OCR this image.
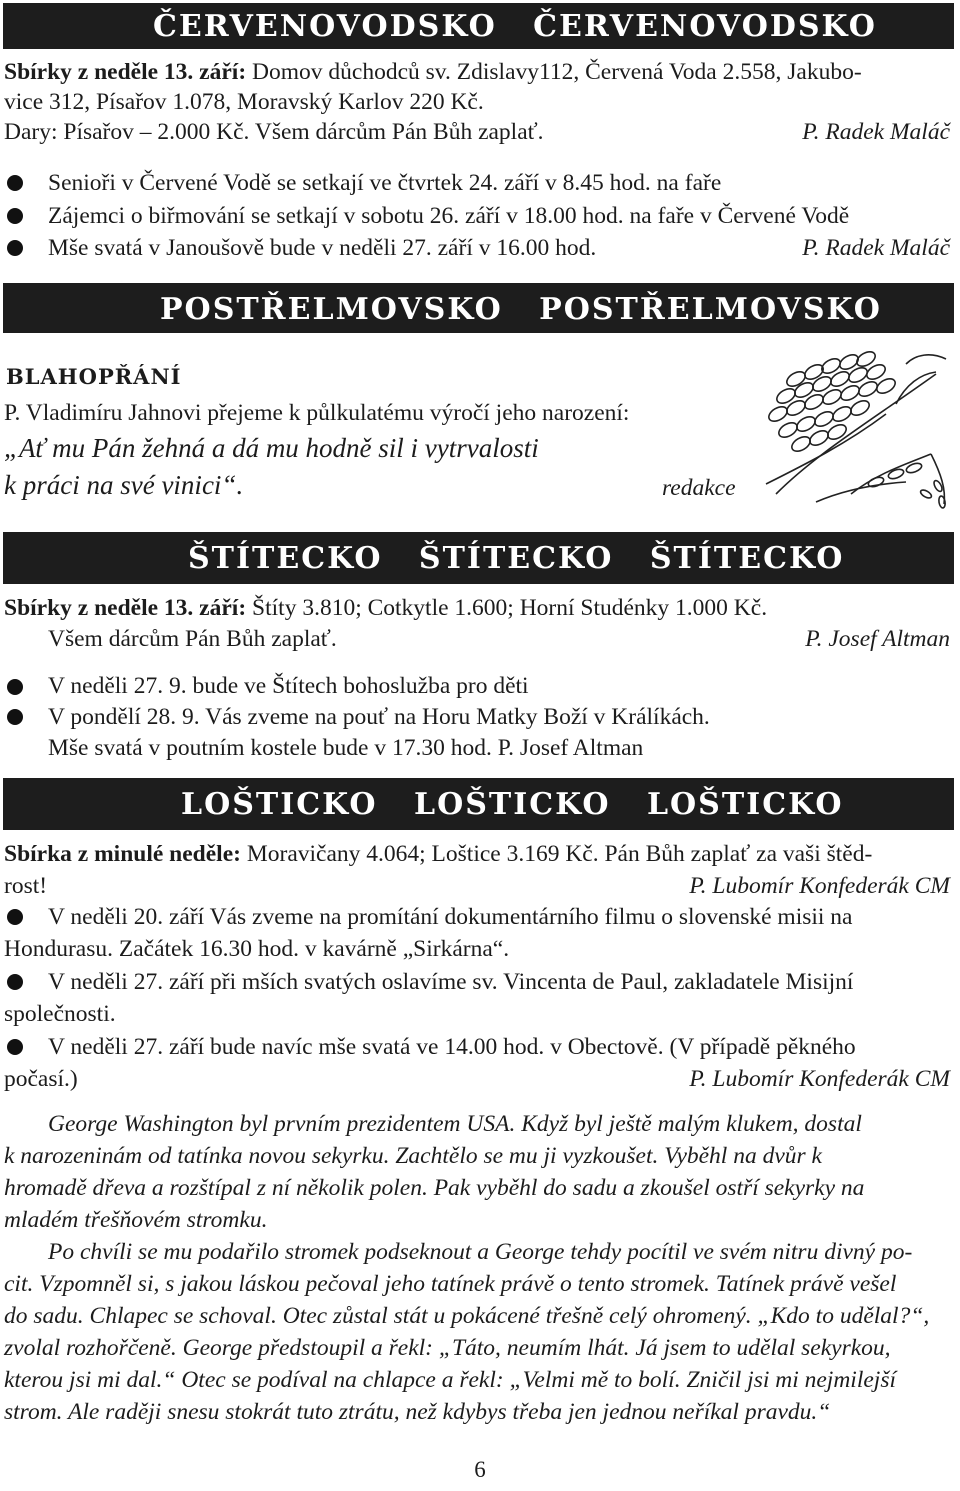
ČERVENOVODSKO ČERVENOVODSKO
Sbírky z neděle 13. září: Domov důchodců sv. Zdislavy112, Červená Voda 2.558, Jakubo-
vice 312, Písařov 1.078, Moravský Karlov 220 Kč.
Dary: Písařov – 2.000 Kč. Všem dárcům Pán Bůh zaplať.	P. Radek Maláč
Senioři v Červené Vodě se setkají ve čtvrtek 24. září v 8.45 hod. na faře
Zájemci o biřmování se setkají v sobotu 26. září v 18.00 hod. na faře v Červené Vodě
Mše svatá v Janoušově bude v neděli 27. září v 16.00 hod.	P. Radek Maláč
POSTŘELMOVSKO POSTŘELMOVSKO
BLAHOPŘÁNÍ
P. Vladimíru Jahnovi přejeme k půlkulatému výročí jeho narození:
„Ať mu Pán žehná a dá mu hodně sil i vytrvalosti
k práci na své vinici“.	redakce
ŠTÍTECKO ŠTÍTECKO ŠTÍTECKO
Sbírky z neděle 13. září: Štíty 3.810; Cotkytle 1.600; Horní Studénky 1.000 Kč.
Všem dárcům Pán Bůh zaplať.	P. Josef Altman
V neděli 27. 9. bude ve Štítech bohoslužba pro děti
V pondělí 28. 9. Vás zveme na pouť na Horu Matky Boží v Králíkách.
Mše svatá v poutním kostele bude v 17.30 hod. P. Josef Altman
LOŠTICKO LOŠTICKO LOŠTICKO
Sbírka z minulé neděle: Moravičany 4.064; Loštice 3.169 Kč. Pán Bůh zaplať za vaši štěd-
rost!	P. Lubomír Konfederák CM
V neděli 20. září Vás zveme na promítání dokumentárního filmu o slovenské misii na
Hondurasu. Začátek 16.30 hod. v kavárně „Sirkárna“.
V neděli 27. září při mších svatých oslavíme sv. Vincenta de Paul, zakladatele Misijní
společnosti.
V neděli 27. září bude navíc mše svatá ve 14.00 hod. v Obectově. (V případě pěkného
počasí.)	P. Lubomír Konfederák CM
George Washington byl prvním prezidentem USA. Když byl ještě malým klukem, dostal
k narozeninám od tatínka novou sekyrku. Zachtělo se mu ji vyzkoušet. Vyběhl na dvůr k
hromadě dřeva a rozštípal z ní několik polen. Pak vyběhl do sadu a zkoušel ostří sekyrky na
mladém třešňovém stromku.
Po chvíli se mu podařilo stromek podseknout a George tehdy pocítil ve svém nitru divný po-
cit. Vzpomněl si, s jakou láskou pečoval jeho tatínek právě o tento stromek. Tatínek právě vešel
do sadu. Chlapec se schoval. Otec zůstal stát u pokácené třešně celý ohromený. „Kdo to udělal?“,
zvolal rozhořčeně. George předstoupil a řekl: „Táto, neumím lhát. Já jsem to udělal sekyrkou,
kterou jsi mi dal.“ Otec se podíval na chlapce a řekl: „Velmi mě to bolí. Zničil jsi mi nejmilejší
strom. Ale raději snesu stokrát tuto ztrátu, než kdybys třeba jen jednou neříkal pravdu.“
6
